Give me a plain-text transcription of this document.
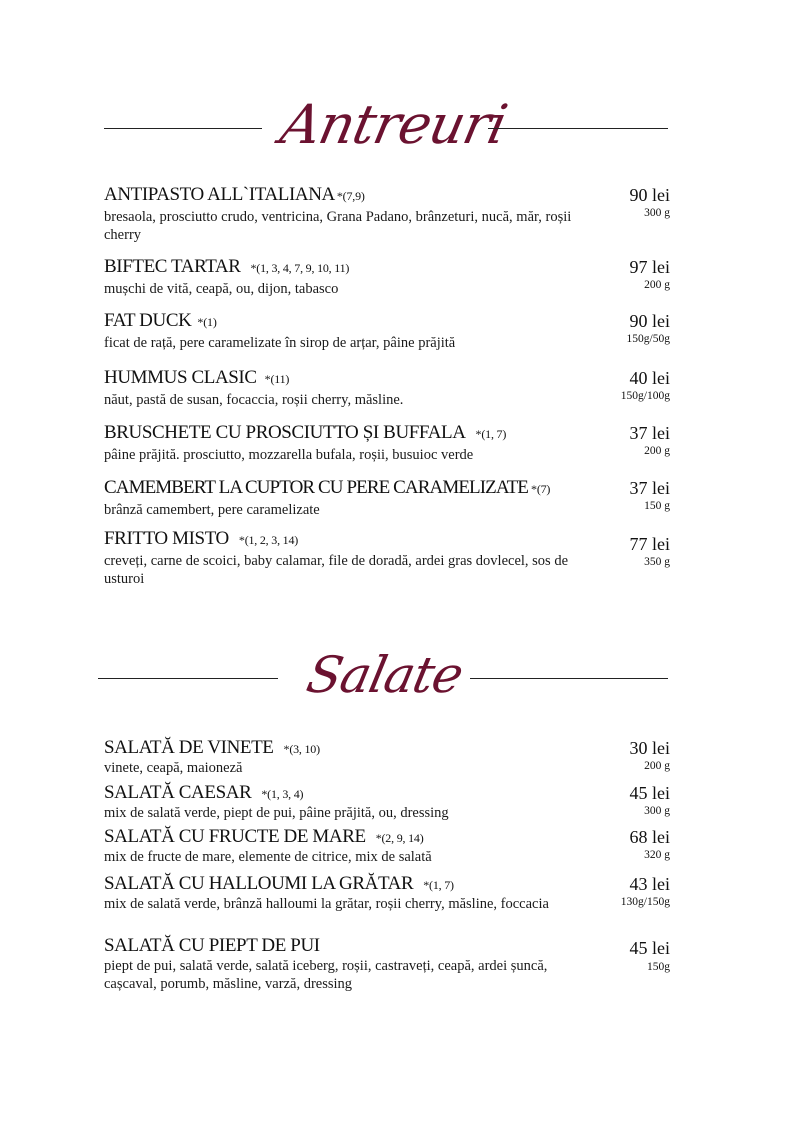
Antreuri
ANTIPASTO ALL`ITALIANA *(7,9)
bresaola, prosciutto crudo, ventricina, Grana Padano, brânzeturi, nucă, măr, roșii cherry
90 lei
300 g
BIFTEC TARTAR *(1, 3, 4, 7, 9, 10, 11)
mușchi de vită, ceapă, ou, dijon, tabasco
97 lei
200 g
FAT DUCK *(1)
ficat de rață, pere caramelizate în sirop de arțar, pâine prăjită
90 lei
150g/50g
HUMMUS CLASIC *(11)
năut, pastă de susan, focaccia, roșii cherry, măsline.
40 lei
150g/100g
BRUSCHETE CU PROSCIUTTO ȘI BUFFALA *(1, 7)
pâine prăjită. prosciutto, mozzarella bufala, roșii, busuioc verde
37 lei
200 g
CAMEMBERT LA CUPTOR CU PERE CARAMELIZATE *(7)
brânză camembert, pere caramelizate
37 lei
150 g
FRITTO MISTO *(1, 2, 3, 14)
creveți, carne de scoici, baby calamar, file de doradă, ardei gras dovlecel, sos de usturoi
77 lei
350 g
Salate
SALATĂ DE VINETE *(3, 10)
vinete, ceapă, maioneză
30 lei
200 g
SALATĂ CAESAR *(1, 3, 4)
mix de salată verde, piept de pui, pâine prăjită, ou, dressing
45 lei
300 g
SALATĂ CU FRUCTE DE MARE *(2, 9, 14)
mix de fructe de mare, elemente de citrice, mix de salată
68 lei
320 g
SALATĂ CU HALLOUMI LA GRĂTAR *(1, 7)
mix de salată verde, brânză halloumi la grătar, roșii cherry, măsline, foccacia
43 lei
130g/150g
SALATĂ CU PIEPT DE PUI
piept de pui, salată verde, salată iceberg, roșii, castraveți, ceapă, ardei șuncă, cașcaval, porumb, măsline, varză, dressing
45 lei
150g
